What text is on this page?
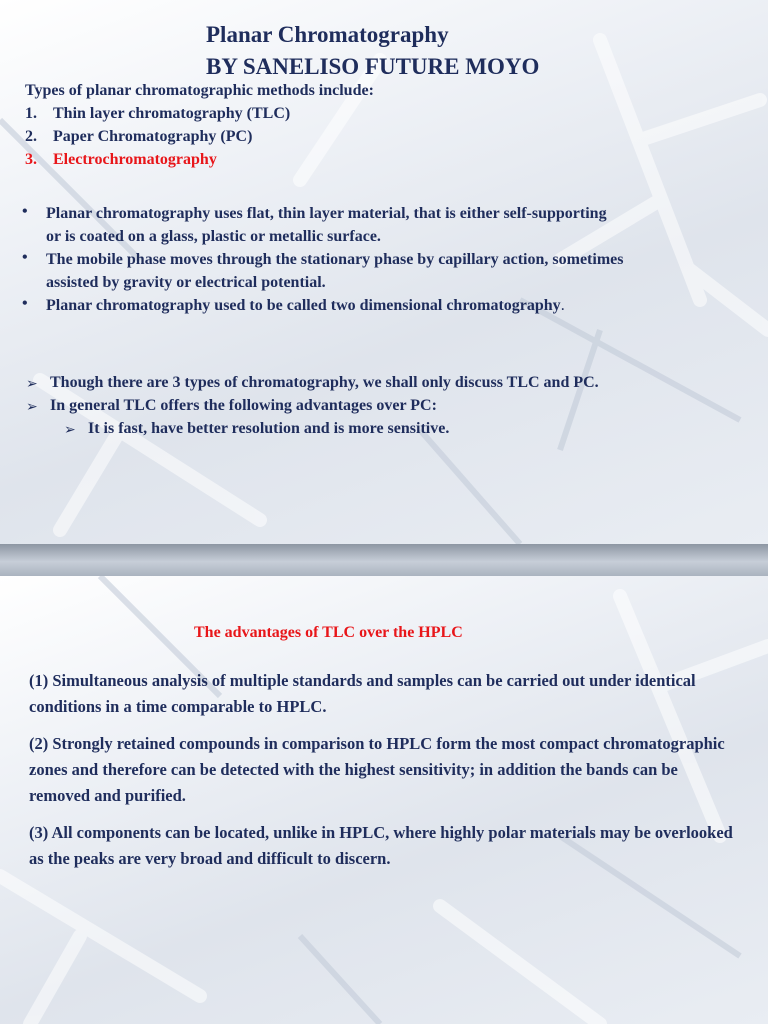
Planar Chromatography
BY SANELISO FUTURE MOYO
Types of planar chromatographic methods include:
1. Thin layer chromatography (TLC)
2. Paper Chromatography (PC)
3. Electrochromatography
• Planar chromatography uses flat, thin layer material, that is either self-supporting
or is coated on a glass, plastic or metallic surface.
• The mobile phase moves through the stationary phase by capillary action, sometimes
assisted by gravity or electrical potential.
• Planar chromatography used to be called two dimensional chromatography.
➢ Though there are 3 types of chromatography, we shall only discuss TLC and PC.
➢ In general TLC offers the following advantages over PC:
➢ It is fast, have better resolution and is more sensitive.
The advantages of TLC over the HPLC
(1) Simultaneous analysis of multiple standards and samples can be carried out under identical conditions in a time comparable to HPLC.
(2) Strongly retained compounds in comparison to HPLC form the most compact chromatographic zones and therefore can be detected with the highest sensitivity; in addition the bands can be removed and purified.
(3) All components can be located, unlike in HPLC, where highly polar materials may be overlooked as the peaks are very broad and difficult to discern.
